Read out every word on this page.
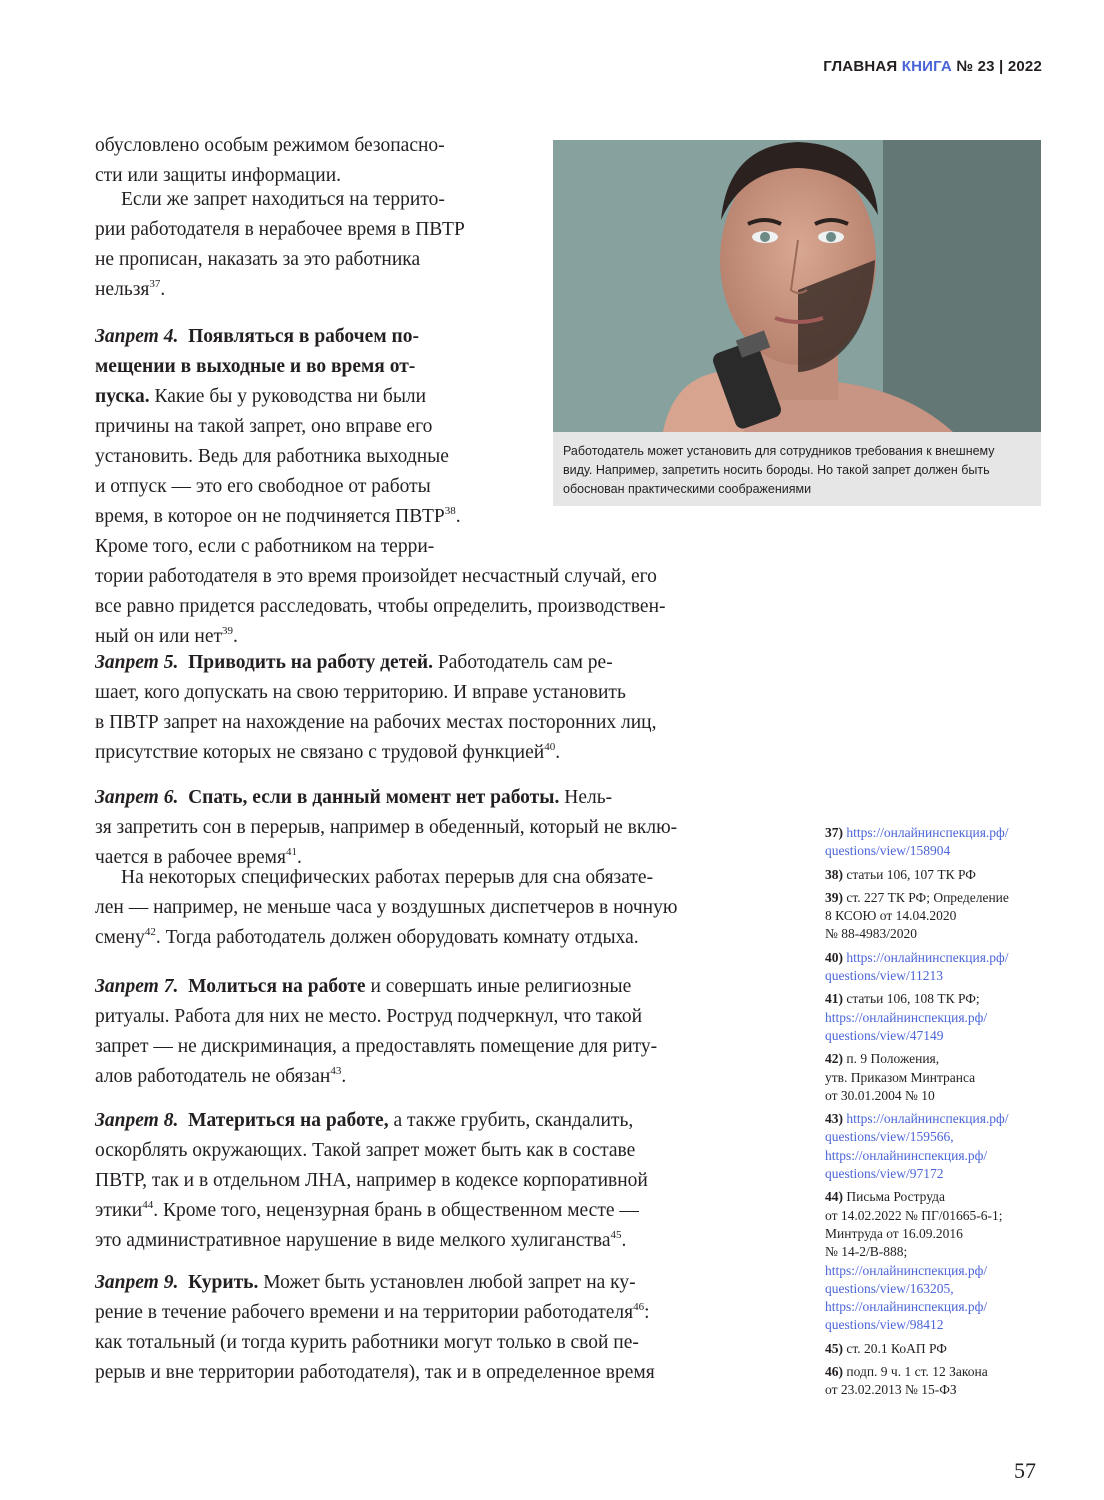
ГЛАВНАЯ КНИГА № 23 | 2022
обусловлено особым режимом безопасно-
сти или защиты информации.
Если же запрет находиться на террито-
рии работодателя в нерабочее время в ПВТР
не прописан, наказать за это работника
нельзя$^{37}$.
Запрет 4. Появляться в рабочем по-
мещении в выходные и во время от-
пуска. Какие бы у руководства ни были
причины на такой запрет, оно вправе его
установить. Ведь для работника выходные
и отпуск — это его свободное от работы
время, в которое он не подчиняется ПВТР$^{38}$.
Кроме того, если с работником на терри-
тории работодателя в это время произойдет несчастный случай, его
все равно придется расследовать, чтобы определить, производствен-
ный он или нет$^{39}$.
Запрет 5. Приводить на работу детей. Работодатель сам ре-
шает, кого допускать на свою территорию. И вправе установить
в ПВТР запрет на нахождение на рабочих местах посторонних лиц,
присутствие которых не связано с трудовой функцией$^{40}$.
Запрет 6. Спать, если в данный момент нет работы. Нель-
зя запретить сон в перерыв, например в обеденный, который не вклю-
чается в рабочее время$^{41}$.
На некоторых специфических работах перерыв для сна обязате-
лен — например, не меньше часа у воздушных диспетчеров в ночную
смену$^{42}$. Тогда работодатель должен оборудовать комнату отдыха.
Запрет 7. Молиться на работе и совершать иные религиозные
ритуалы. Работа для них не место. Роструд подчеркнул, что такой
запрет — не дискриминация, а предоставлять помещение для риту-
алов работодатель не обязан$^{43}$.
Запрет 8. Материться на работе, а также грубить, скандалить,
оскорблять окружающих. Такой запрет может быть как в составе
ПВТР, так и в отдельном ЛНА, например в кодексе корпоративной
этики$^{44}$. Кроме того, нецензурная брань в общественном месте —
это административное нарушение в виде мелкого хулиганства$^{45}$.
Запрет 9. Курить. Может быть установлен любой запрет на ку-
рение в течение рабочего времени и на территории работодателя$^{46}$:
как тотальный (и тогда курить работники могут только в свой пе-
рерыв и вне территории работодателя), так и в определенное время
Работодатель может установить для сотрудников требования к внешнему
виду. Например, запретить носить бороды. Но такой запрет должен быть
обоснован практическими соображениями
37) https://онлайнинспекция.рф/
questions/view/158904
38) статьи 106, 107 ТК РФ
39) ст. 227 ТК РФ; Определение
8 КСОЮ от 14.04.2020
№ 88-4983/2020
40) https://онлайнинспекция.рф/
questions/view/11213
41) статьи 106, 108 ТК РФ;
https://онлайнинспекция.рф/
questions/view/47149
42) п. 9 Положения,
утв. Приказом Минтранса
от 30.01.2004 № 10
43) https://онлайнинспекция.рф/
questions/view/159566,
https://онлайнинспекция.рф/
questions/view/97172
44) Письма Роструда
от 14.02.2022 № ПГ/01665-6-1;
Минтруда от 16.09.2016
№ 14-2/В-888;
https://онлайнинспекция.рф/
questions/view/163205,
https://онлайнинспекция.рф/
questions/view/98412
45) ст. 20.1 КоАП РФ
46) подп. 9 ч. 1 ст. 12 Закона
от 23.02.2013 № 15-ФЗ
57
